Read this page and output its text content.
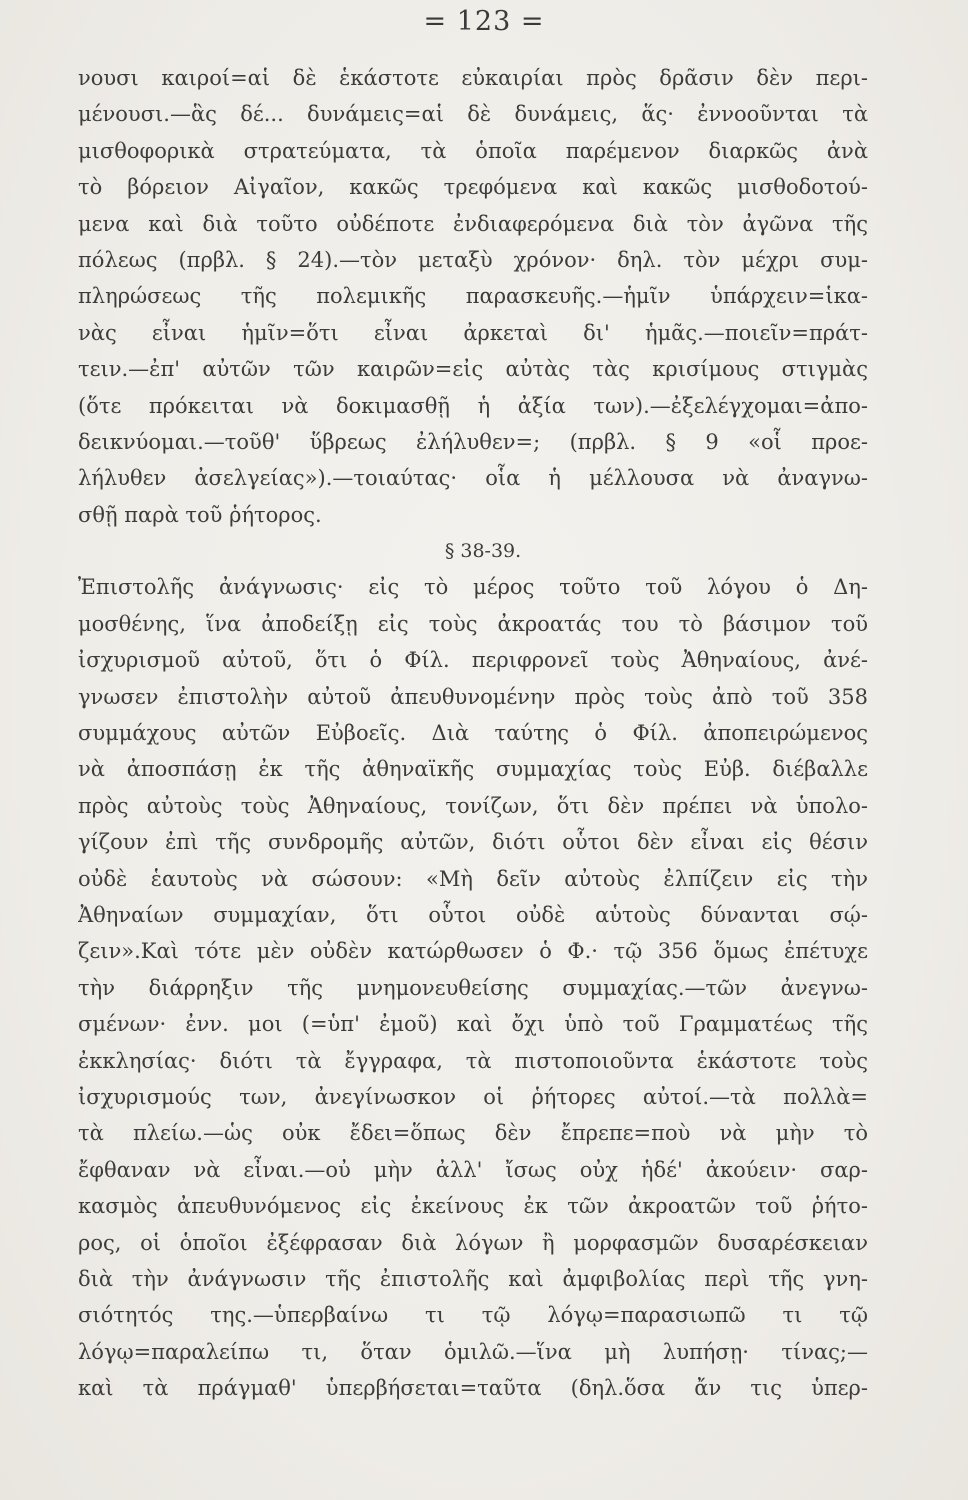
= 123 =
νουσι καιροί=αἱ δὲ ἑκάστοτε εὐκαιρίαι πρὸς δρᾶσιν δὲν περι-
μένουσι.—ἃς δέ... δυνάμεις=αἱ δὲ δυνάμεις, ἅς· ἐννοοῦνται τὰ
μισθοφορικὰ στρατεύματα, τὰ ὁποῖα παρέμενον διαρκῶς ἀνὰ
τὸ βόρειον Αἰγαῖον, κακῶς τρεφόμενα καὶ κακῶς μισθοδοτού-
μενα καὶ διὰ τοῦτο οὐδέποτε ἐνδιαφερόμενα διὰ τὸν ἀγῶνα τῆς
πόλεως (πρβλ. § 24).—τὸν μεταξὺ χρόνον· δηλ. τὸν μέχρι συμ-
πληρώσεως τῆς πολεμικῆς παρασκευῆς.—ἡμῖν ὑπάρχειν=ἱκα-
νὰς εἶναι ἡμῖν=ὅτι εἶναι ἀρκεταὶ δι' ἡμᾶς.—ποιεῖν=πράτ-
τειν.—ἐπ' αὐτῶν τῶν καιρῶν=εἰς αὐτὰς τὰς κρισίμους στιγμὰς
(ὅτε πρόκειται νὰ δοκιμασθῇ ἡ ἀξία των).—ἐξελέγχομαι=ἀπο-
δεικνύομαι.—τοῦθ' ὕβρεως ἐλήλυθεν=; (πρβλ. § 9 «οἷ προε-
λήλυθεν ἀσελγείας»).—τοιαύτας· οἷα ἡ μέλλουσα νὰ ἀναγνω-
σθῇ παρὰ τοῦ ῥήτορος.
§ 38-39.
Ἐπιστολῆς ἀνάγνωσις· εἰς τὸ μέρος τοῦτο τοῦ λόγου ὁ Δη-
μοσθένης, ἵνα ἀποδείξῃ εἰς τοὺς ἀκροατάς του τὸ βάσιμον τοῦ
ἰσχυρισμοῦ αὐτοῦ, ὅτι ὁ Φίλ. περιφρονεῖ τοὺς Ἀθηναίους, ἀνέ-
γνωσεν ἐπιστολὴν αὐτοῦ ἀπευθυνομένην πρὸς τοὺς ἀπὸ τοῦ 358
συμμάχους αὐτῶν Εὐβοεῖς. Διὰ ταύτης ὁ Φίλ. ἀποπειρώμενος
νὰ ἀποσπάσῃ ἐκ τῆς ἀθηναϊκῆς συμμαχίας τοὺς Εὐβ. διέβαλλε
πρὸς αὐτοὺς τοὺς Ἀθηναίους, τονίζων, ὅτι δὲν πρέπει νὰ ὑπολο-
γίζουν ἐπὶ τῆς συνδρομῆς αὐτῶν, διότι οὗτοι δὲν εἶναι εἰς θέσιν
οὐδὲ ἑαυτοὺς νὰ σώσουν: «Μὴ δεῖν αὐτοὺς ἐλπίζειν εἰς τὴν
Ἀθηναίων συμμαχίαν, ὅτι οὗτοι οὐδὲ αὑτοὺς δύνανται σῴ-
ζειν».Καὶ τότε μὲν οὐδὲν κατώρθωσεν ὁ Φ.· τῷ 356 ὅμως ἐπέτυχε
τὴν διάρρηξιν τῆς μνημονευθείσης συμμαχίας.—τῶν ἀνεγνω-
σμένων· ἐνν. μοι (=ὑπ' ἐμοῦ) καὶ ὄχι ὑπὸ τοῦ Γραμματέως τῆς
ἐκκλησίας· διότι τὰ ἔγγραφα, τὰ πιστοποιοῦντα ἑκάστοτε τοὺς
ἰσχυρισμούς των, ἀνεγίνωσκον οἱ ῥήτορες αὐτοί.—τὰ πολλὰ=
τὰ πλείω.—ὡς οὐκ ἔδει=ὅπως δὲν ἔπρεπε=ποὺ νὰ μὴν τὸ
ἔφθαναν νὰ εἶναι.—οὐ μὴν ἀλλ' ἴσως οὐχ ἡδέ' ἀκούειν· σαρ-
κασμὸς ἀπευθυνόμενος εἰς ἐκείνους ἐκ τῶν ἀκροατῶν τοῦ ῥήτο-
ρος, οἱ ὁποῖοι ἐξέφρασαν διὰ λόγων ἢ μορφασμῶν δυσαρέσκειαν
διὰ τὴν ἀνάγνωσιν τῆς ἐπιστολῆς καὶ ἀμφιβολίας περὶ τῆς γνη-
σιότητός της.—ὑπερβαίνω τι τῷ λόγῳ=παρασιωπῶ τι τῷ
λόγῳ=παραλείπω τι, ὅταν ὁμιλῶ.—ἵνα μὴ λυπήσῃ· τίνας;—
καὶ τὰ πράγμαθ' ὑπερβήσεται=ταῦτα (δηλ.ὅσα ἄν τις ὑπερ-
